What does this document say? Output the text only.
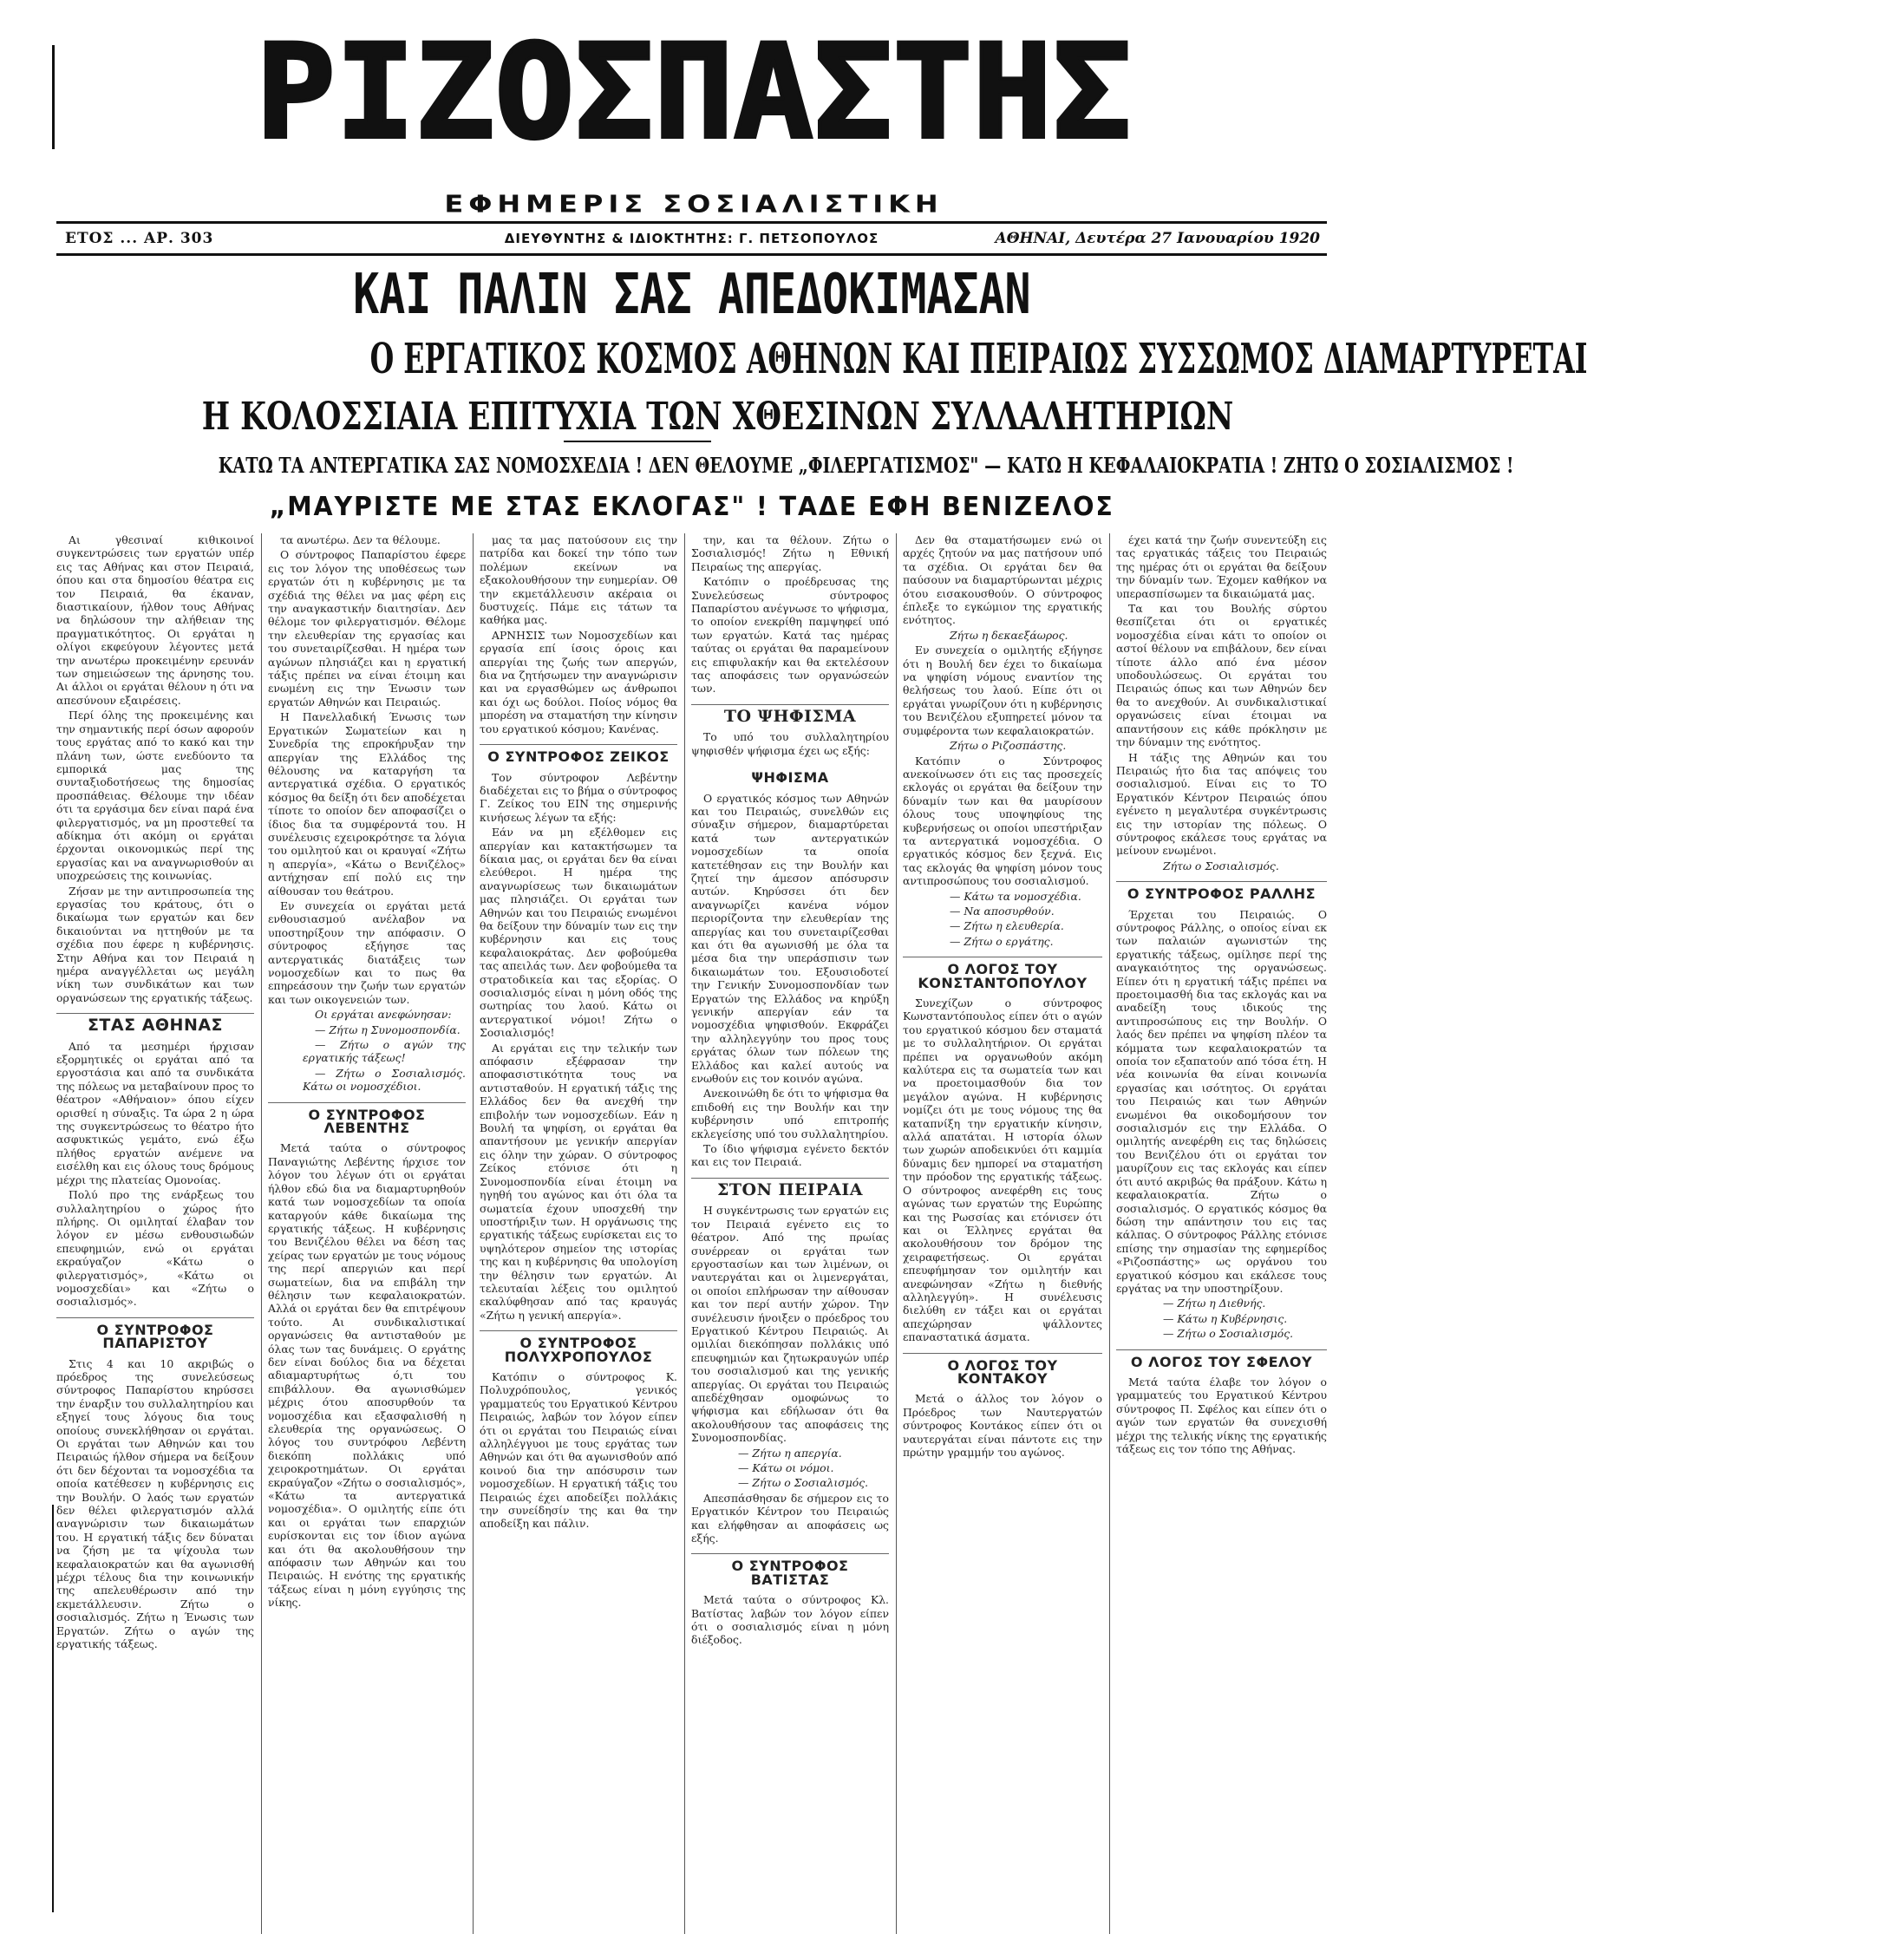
ΡΙΖΟΣΠΑΣΤΗΣ
ΕΦΗΜΕΡΙΣ ΣΟΣΙΑΛΙΣΤΙΚΗ
ΕΤΟΣ ... ΑΡ. 303	ΔΙΕΥΘΥΝΤΗΣ & ΙΔΙΟΚΤΗΤΗΣ: Γ. ΠΕΤΣΟΠΟΥΛΟΣ	ΑΘΗΝΑΙ, Δευτέρα 27 Ιανουαρίου 1920
ΚΑΙ ΠΑΛΙΝ ΣΑΣ ΑΠΕΔΟΚΙΜΑΣΑΝ
Ο ΕΡΓΑΤΙΚΟΣ ΚΟΣΜΟΣ ΑΘΗΝΩΝ ΚΑΙ ΠΕΙΡΑΙΩΣ ΣΥΣΣΩΜΟΣ ΔΙΑΜΑΡΤΥΡΕΤΑΙ
Η ΚΟΛΟΣΣΙΑΙΑ ΕΠΙΤΥΧΙΑ ΤΩΝ ΧΘΕΣΙΝΩΝ ΣΥΛΛΑΛΗΤΗΡΙΩΝ
ΚΑΤΩ ΤΑ ΑΝΤΕΡΓΑΤΙΚΑ ΣΑΣ ΝΟΜΟΣΧΕΔΙΑ ! ΔΕΝ ΘΕΛΟΥΜΕ „ΦΙΛΕΡΓΑΤΙΣΜΟΣ" — ΚΑΤΩ Η ΚΕΦΑΛΑΙΟΚΡΑΤΙΑ ! ΖΗΤΩ Ο ΣΟΣΙΑΛΙΣΜΟΣ !
„ΜΑΥΡΙΣΤΕ ΜΕ ΣΤΑΣ ΕΚΛΟΓΑΣ" ! ΤΑΔΕ ΕΦΗ ΒΕΝΙΖΕΛΟΣ

Αι γθεσιναί κιθικοινοί συγκεντρώσεις των εργατών υπέρ εις τας Αθήνας και στον Πειραιά, όπου και στα δημοσίου θέατρα εις τον Πειραιά, θα έκαναν, διαστικαίουν, ήλθον τους Αθήνας να δηλώσουν την αλήθειαν της πραγματικότητος. Οι εργάται η ολίγοι εκφεύγουν λέγοντες μετά την ανωτέρω προκειμένην ερευνάν των σημειώσεων της άρνησης του. Αι άλλοι οι εργάται θέλουν η ότι να απεσύνουν εξαιρέσεις.

Περί όλης της προκειμένης και την σημαντικής περί όσων αφορούν τους εργάτας από το κακό και την πλάνη των, ώστε ενεδύοντο τα εμπορικά μας της συνταξιοδοτήσεως της δημοσίας προσπάθειας. Θέλουμε την ιδέαν ότι τα εργάσιμα δεν είναι παρά ένα φιλεργατισμός, να μη προστεθεί τα αδίκημα ότι ακόμη οι εργάται έρχονται οικονομικώς περί της εργασίας και να αναγνωρισθούν αι υποχρεώσεις της κοινωνίας.

Ζήσαν με την αντιπροσωπεία της εργασίας του κράτους, ότι ο δικαίωμα των εργατών και δεν δικαιούνται να ηττηθούν με τα σχέδια που έφερε η κυβέρνησις. Στην Αθήνα και τον Πειραιά η ημέρα αναγγέλλεται ως μεγάλη νίκη των συνδικάτων και των οργανώσεων της εργατικής τάξεως.

ΣΤΑΣ ΑΘΗΝΑΣ

Από τα μεσημέρι ήρχισαν εξορμητικές οι εργάται από τα εργοστάσια και από τα συνδικάτα της πόλεως να μεταβαίνουν προς το θέατρον «Αθήναιον» όπου είχεν ορισθεί η σύναξις. Τα ώρα 2 η ώρα της συγκεντρώσεως το θέατρο ήτο ασφυκτικώς γεμάτο, ενώ έξω πλήθος εργατών ανέμενε να εισέλθη και εις όλους τους δρόμους μέχρι της πλατείας Ομονοίας.

Πολύ προ της ενάρξεως του συλλαλητηρίου ο χώρος ήτο πλήρης. Οι ομιληταί έλαβαν τον λόγον εν μέσω ενθουσιωδών επευφημιών, ενώ οι εργάται εκραύγαζον «Κάτω ο φιλεργατισμός», «Κάτω οι νομοσχεδίαι» και «Ζήτω ο σοσιαλισμός».

Ο ΣΥΝΤΡΟΦΟΣ ΠΑΠΑΡΙΣΤΟΥ

Στις 4 και 10 ακριβώς ο πρόεδρος της συνελεύσεως σύντροφος Παπαρίστου κηρύσσει την έναρξιν του συλλαλητηρίου και εξηγεί τους λόγους δια τους οποίους συνεκλήθησαν οι εργάται. Οι εργάται των Αθηνών και του Πειραιώς ήλθον σήμερα να δείξουν ότι δεν δέχονται τα νομοσχέδια τα οποία κατέθεσεν η κυβέρνησις εις την Βουλήν. Ο λαός των εργατών δεν θέλει φιλεργατισμόν αλλά αναγνώρισιν των δικαιωμάτων του. Η εργατική τάξις δεν δύναται να ζήση με τα ψίχουλα των κεφαλαιοκρατών και θα αγωνισθή μέχρι τέλους δια την κοινωνικήν της απελευθέρωσιν από την εκμετάλλευσιν. Ζήτω ο σοσιαλισμός. Ζήτω η Ένωσις των Εργατών. Ζήτω ο αγών της εργατικής τάξεως.

τα ανωτέρω. Δεν τα θέλουμε.

Ο σύντροφος Παπαρίστου έφερε εις τον λόγον της υποθέσεως των εργατών ότι η κυβέρνησις με τα σχέδιά της θέλει να μας φέρη εις την αναγκαστικήν διαιτησίαν. Δεν θέλομε τον φιλεργατισμόν. Θέλομε την ελευθερίαν της εργασίας και του συνεταιρίζεσθαι. Η ημέρα των αγώνων πλησιάζει και η εργατική τάξις πρέπει να είναι έτοιμη και ενωμένη εις την Ένωσιν των εργατών Αθηνών και Πειραιώς.

Η Πανελλαδική Ένωσις των Εργατικών Σωματείων και η Συνεδρία της επροκήρυξαν την απεργίαν της Ελλάδος της θέλουσης να καταργήση τα αντεργατικά σχέδια. Ο εργατικός κόσμος θα δείξη ότι δεν αποδέχεται τίποτε το οποίον δεν αποφασίζει ο ίδιος δια τα συμφέροντά του. Η συνέλευσις εχειροκρότησε τα λόγια του ομιλητού και οι κραυγαί «Ζήτω η απεργία», «Κάτω ο Βενιζέλος» αντήχησαν επί πολύ εις την αίθουσαν του θεάτρου.

Εν συνεχεία οι εργάται μετά ενθουσιασμού ανέλαβον να υποστηρίξουν την απόφασιν. Ο σύντροφος εξήγησε τας αντεργατικάς διατάξεις των νομοσχεδίων και το πως θα επηρεάσουν την ζωήν των εργατών και των οικογενειών των.

Οι εργάται ανεφώνησαν:

— Ζήτω η Συνομοσπονδία.

— Ζήτω ο αγών της εργατικής τάξεως!

— Ζήτω ο Σοσιαλισμός. Κάτω οι νομοσχέδιοι.

Ο ΣΥΝΤΡΟΦΟΣ ΛΕΒΕΝΤΗΣ

Μετά ταύτα ο σύντροφος Παναγιώτης Λεβέντης ήρχισε τον λόγον του λέγων ότι οι εργάται ήλθον εδώ δια να διαμαρτυρηθούν κατά των νομοσχεδίων τα οποία καταργούν κάθε δικαίωμα της εργατικής τάξεως. Η κυβέρνησις του Βενιζέλου θέλει να δέση τας χείρας των εργατών με τους νόμους της περί απεργιών και περί σωματείων, δια να επιβάλη την θέλησιν των κεφαλαιοκρατών. Αλλά οι εργάται δεν θα επιτρέψουν τούτο. Αι συνδικαλιστικαί οργανώσεις θα αντισταθούν με όλας των τας δυνάμεις. Ο εργάτης δεν είναι δούλος δια να δέχεται αδιαμαρτυρήτως ό,τι του επιβάλλουν. Θα αγωνισθώμεν μέχρις ότου αποσυρθούν τα νομοσχέδια και εξασφαλισθή η ελευθερία της οργανώσεως. Ο λόγος του συντρόφου Λεβέντη διεκόπη πολλάκις υπό χειροκροτημάτων. Οι εργάται εκραύγαζον «Ζήτω ο σοσιαλισμός», «Κάτω τα αντεργατικά νομοσχέδια». Ο ομιλητής είπε ότι και οι εργάται των επαρχιών ευρίσκονται εις τον ίδιον αγώνα και ότι θα ακολουθήσουν την απόφασιν των Αθηνών και του Πειραιώς. Η ενότης της εργατικής τάξεως είναι η μόνη εγγύησις της νίκης.

μας τα μας πατούσουν εις την πατρίδα και δοκεί την τόπο των πολέμων εκείνων να εξακολουθήσουν την ευημερίαν. Οθ την εκμετάλλευσιν ακέραια οι δυστυχείς. Πάμε εις τάτων τα καθήκα μας.

ΑΡΝΗΣΙΣ των Νομοσχεδίων και εργασία επί ίσοις όροις και απεργίαι της ζωής των απεργών, δια να ζητήσωμεν την αναγνώρισιν και να εργασθώμεν ως άνθρωποι και όχι ως δούλοι. Ποίος νόμος θα μπορέση να σταματήση την κίνησιν του εργατικού κόσμου; Κανένας.

Ο ΣΥΝΤΡΟΦΟΣ ΖΕΙΚΟΣ

Τον σύντροφον Λεβέντην διαδέχεται εις το βήμα ο σύντροφος Γ. Ζείκος του ΕΙΝ της σημερινής κινήσεως λέγων τα εξής:

Εάν να μη εξέλθομεν εις απεργίαν και κατακτήσωμεν τα δίκαια μας, οι εργάται δεν θα είναι ελεύθεροι. Η ημέρα της αναγνωρίσεως των δικαιωμάτων μας πλησιάζει. Οι εργάται των Αθηνών και του Πειραιώς ενωμένοι θα δείξουν την δύναμίν των εις την κυβέρνησιν και εις τους κεφαλαιοκράτας. Δεν φοβούμεθα τας απειλάς των. Δεν φοβούμεθα τα στρατοδικεία και τας εξορίας. Ο σοσιαλισμός είναι η μόνη οδός της σωτηρίας του λαού. Κάτω οι αντεργατικοί νόμοι! Ζήτω ο Σοσιαλισμός!

Αι εργάται εις την τελικήν των απόφασιν εξέφρασαν την αποφασιστικότητα τους να αντισταθούν. Η εργατική τάξις της Ελλάδος δεν θα ανεχθή την επιβολήν των νομοσχεδίων. Εάν η Βουλή τα ψηφίση, οι εργάται θα απαντήσουν με γενικήν απεργίαν εις όλην την χώραν. Ο σύντροφος Ζείκος ετόνισε ότι η Συνομοσπονδία είναι έτοιμη να ηγηθή του αγώνος και ότι όλα τα σωματεία έχουν υποσχεθή την υποστήριξιν των. Η οργάνωσις της εργατικής τάξεως ευρίσκεται εις το υψηλότερον σημείον της ιστορίας της και η κυβέρνησις θα υπολογίση την θέλησιν των εργατών. Αι τελευταίαι λέξεις του ομιλητού εκαλύφθησαν από τας κραυγάς «Ζήτω η γενική απεργία».

Ο ΣΥΝΤΡΟΦΟΣ ΠΟΛΥΧΡΟΠΟΥΛΟΣ

Κατόπιν ο σύντροφος Κ. Πολυχρόπουλος, γενικός γραμματεύς του Εργατικού Κέντρου Πειραιώς, λαβών τον λόγον είπεν ότι οι εργάται του Πειραιώς είναι αλληλέγγυοι με τους εργάτας των Αθηνών και ότι θα αγωνισθούν από κοινού δια την απόσυρσιν των νομοσχεδίων. Η εργατική τάξις του Πειραιώς έχει αποδείξει πολλάκις την συνείδησίν της και θα την αποδείξη και πάλιν.

την, και τα θέλουν. Ζήτω ο Σοσιαλισμός! Ζήτω η Εθνική Πειραίως της απεργίας.

Κατόπιν ο προέδρευσας της Συνελεύσεως σύντροφος Παπαρίστου ανέγνωσε το ψήφισμα, το οποίον ενεκρίθη παμψηφεί υπό των εργατών. Κατά τας ημέρας ταύτας οι εργάται θα παραμείνουν εις επιφυλακήν και θα εκτελέσουν τας αποφάσεις των οργανώσεών των.

ΤΟ ΨΗΦΙΣΜΑ

Το υπό του συλλαλητηρίου ψηφισθέν ψήφισμα έχει ως εξής:

ΨΗΦΙΣΜΑ

Ο εργατικός κόσμος των Αθηνών και του Πειραιώς, συνελθών εις σύναξιν σήμερον, διαμαρτύρεται κατά των αντεργατικών νομοσχεδίων τα οποία κατετέθησαν εις την Βουλήν και ζητεί την άμεσον απόσυρσιν αυτών. Κηρύσσει ότι δεν αναγνωρίζει κανένα νόμον περιορίζοντα την ελευθερίαν της απεργίας και του συνεταιρίζεσθαι και ότι θα αγωνισθή με όλα τα μέσα δια την υπεράσπισιν των δικαιωμάτων του. Εξουσιοδοτεί την Γενικήν Συνομοσπονδίαν των Εργατών της Ελλάδος να κηρύξη γενικήν απεργίαν εάν τα νομοσχέδια ψηφισθούν. Εκφράζει την αλληλεγγύην του προς τους εργάτας όλων των πόλεων της Ελλάδος και καλεί αυτούς να ενωθούν εις τον κοινόν αγώνα.

Ανεκοινώθη δε ότι το ψήφισμα θα επιδοθή εις την Βουλήν και την κυβέρνησιν υπό επιτροπής εκλεγείσης υπό του συλλαλητηρίου.

Το ίδιο ψήφισμα εγένετο δεκτόν και εις τον Πειραιά.

ΣΤΟΝ ΠΕΙΡΑΙΑ

Η συγκέντρωσις των εργατών εις τον Πειραιά εγένετο εις το θέατρον. Από της πρωίας συνέρρεαν οι εργάται των εργοστασίων και των λιμένων, οι ναυτεργάται και οι λιμενεργάται, οι οποίοι επλήρωσαν την αίθουσαν και τον περί αυτήν χώρον. Την συνέλευσιν ήνοιξεν ο πρόεδρος του Εργατικού Κέντρου Πειραιώς. Αι ομιλίαι διεκόπησαν πολλάκις υπό επευφημιών και ζητωκραυγών υπέρ του σοσιαλισμού και της γενικής απεργίας. Οι εργάται του Πειραιώς απεδέχθησαν ομοφώνως το ψήφισμα και εδήλωσαν ότι θα ακολουθήσουν τας αποφάσεις της Συνομοσπονδίας.

— Ζήτω η απεργία.

— Κάτω οι νόμοι.

— Ζήτω ο Σοσιαλισμός.

Απεσπάσθησαν δε σήμερον εις το Εργατικόν Κέντρον του Πειραιώς και ελήφθησαν αι αποφάσεις ως εξής.

Ο ΣΥΝΤΡΟΦΟΣ ΒΑΤΙΣΤΑΣ

Μετά ταύτα ο σύντροφος Κλ. Βατίστας λαβών τον λόγον είπεν ότι ο σοσιαλισμός είναι η μόνη διέξοδος.

Δεν θα σταματήσωμεν ενώ οι αρχές ζητούν να μας πατήσουν υπό τα σχέδια. Οι εργάται δεν θα παύσουν να διαμαρτύρωνται μέχρις ότου εισακουσθούν. Ο σύντροφος έπλεξε το εγκώμιον της εργατικής ενότητος.

Ζήτω η δεκαεξάωρος.

Εν συνεχεία ο ομιλητής εξήγησε ότι η Βουλή δεν έχει το δικαίωμα να ψηφίση νόμους εναντίον της θελήσεως του λαού. Είπε ότι οι εργάται γνωρίζουν ότι η κυβέρνησις του Βενιζέλου εξυπηρετεί μόνον τα συμφέροντα των κεφαλαιοκρατών.

Ζήτω ο Ριζοσπάστης.

Κατόπιν ο Σύντροφος ανεκοίνωσεν ότι εις τας προσεχείς εκλογάς οι εργάται θα δείξουν την δύναμίν των και θα μαυρίσουν όλους τους υποψηφίους της κυβερνήσεως οι οποίοι υπεστήριξαν τα αντεργατικά νομοσχέδια. Ο εργατικός κόσμος δεν ξεχνά. Εις τας εκλογάς θα ψηφίση μόνον τους αντιπροσώπους του σοσιαλισμού.

— Κάτω τα νομοσχέδια.

— Να αποσυρθούν.

— Ζήτω η ελευθερία.

— Ζήτω ο εργάτης.

Ο ΛΟΓΟΣ ΤΟΥ ΚΟΝΣΤΑΝΤΟΠΟΥΛΟΥ

Συνεχίζων ο σύντροφος Κωνσταντόπουλος είπεν ότι ο αγών του εργατικού κόσμου δεν σταματά με το συλλαλητήριον. Οι εργάται πρέπει να οργανωθούν ακόμη καλύτερα εις τα σωματεία των και να προετοιμασθούν δια τον μεγάλον αγώνα. Η κυβέρνησις νομίζει ότι με τους νόμους της θα καταπνίξη την εργατικήν κίνησιν, αλλά απατάται. Η ιστορία όλων των χωρών αποδεικνύει ότι καμμία δύναμις δεν ημπορεί να σταματήση την πρόοδον της εργατικής τάξεως. Ο σύντροφος ανεφέρθη εις τους αγώνας των εργατών της Ευρώπης και της Ρωσσίας και ετόνισεν ότι και οι Έλληνες εργάται θα ακολουθήσουν τον δρόμον της χειραφετήσεως. Οι εργάται επευφήμησαν τον ομιλητήν και ανεφώνησαν «Ζήτω η διεθνής αλληλεγγύη». Η συνέλευσις διελύθη εν τάξει και οι εργάται απεχώρησαν ψάλλοντες επαναστατικά άσματα.

Ο ΛΟΓΟΣ ΤΟΥ ΚΟΝΤΑΚΟΥ

Μετά ο άλλος τον λόγον ο Πρόεδρος των Ναυτεργατών σύντροφος Κοντάκος είπεν ότι οι ναυτεργάται είναι πάντοτε εις την πρώτην γραμμήν του αγώνος.

έχει κατά την ζωήν συνεντεύξη εις τας εργατικάς τάξεις του Πειραιώς της ημέρας ότι οι εργάται θα δείξουν την δύναμίν των. Έχομεν καθήκον να υπερασπίσωμεν τα δικαιώματά μας.

Τα και του Βουλής σύρτου θεσπίζεται ότι οι εργατικές νομοσχέδια είναι κάτι το οποίον οι αστοί θέλουν να επιβάλουν, δεν είναι τίποτε άλλο από ένα μέσον υποδουλώσεως. Οι εργάται του Πειραιώς όπως και των Αθηνών δεν θα το ανεχθούν. Αι συνδικαλιστικαί οργανώσεις είναι έτοιμαι να απαντήσουν εις κάθε πρόκλησιν με την δύναμιν της ενότητος.

Η τάξις της Αθηνών και του Πειραιώς ήτο δια τας απόψεις του σοσιαλισμού. Είναι εις το ΤΟ Εργατικόν Κέντρον Πειραιώς όπου εγένετο η μεγαλυτέρα συγκέντρωσις εις την ιστορίαν της πόλεως. Ο σύντροφος εκάλεσε τους εργάτας να μείνουν ενωμένοι.

Ζήτω ο Σοσιαλισμός.

Ο ΣΥΝΤΡΟΦΟΣ ΡΑΛΛΗΣ

Έρχεται του Πειραιώς. Ο σύντροφος Ράλλης, ο οποίος είναι εκ των παλαιών αγωνιστών της εργατικής τάξεως, ομίλησε περί της αναγκαιότητος της οργανώσεως. Είπεν ότι η εργατική τάξις πρέπει να προετοιμασθή δια τας εκλογάς και να αναδείξη τους ιδικούς της αντιπροσώπους εις την Βουλήν. Ο λαός δεν πρέπει να ψηφίση πλέον τα κόμματα των κεφαλαιοκρατών τα οποία τον εξαπατούν από τόσα έτη. Η νέα κοινωνία θα είναι κοινωνία εργασίας και ισότητος. Οι εργάται του Πειραιώς και των Αθηνών ενωμένοι θα οικοδομήσουν τον σοσιαλισμόν εις την Ελλάδα. Ο ομιλητής ανεφέρθη εις τας δηλώσεις του Βενιζέλου ότι οι εργάται τον μαυρίζουν εις τας εκλογάς και είπεν ότι αυτό ακριβώς θα πράξουν. Κάτω η κεφαλαιοκρατία. Ζήτω ο σοσιαλισμός. Ο εργατικός κόσμος θα δώση την απάντησιν του εις τας κάλπας. Ο σύντροφος Ράλλης ετόνισε επίσης την σημασίαν της εφημερίδος «Ριζοσπάστης» ως οργάνου του εργατικού κόσμου και εκάλεσε τους εργάτας να την υποστηρίξουν.

— Ζήτω η Διεθνής.

— Κάτω η Κυβέρνησις.

— Ζήτω ο Σοσιαλισμός.

Ο ΛΟΓΟΣ ΤΟΥ ΣΦΕΛΟΥ

Μετά ταύτα έλαβε τον λόγον ο γραμματεύς του Εργατικού Κέντρου σύντροφος Π. Σφέλος και είπεν ότι ο αγών των εργατών θα συνεχισθή μέχρι της τελικής νίκης της εργατικής τάξεως εις τον τόπο της Αθήνας.
